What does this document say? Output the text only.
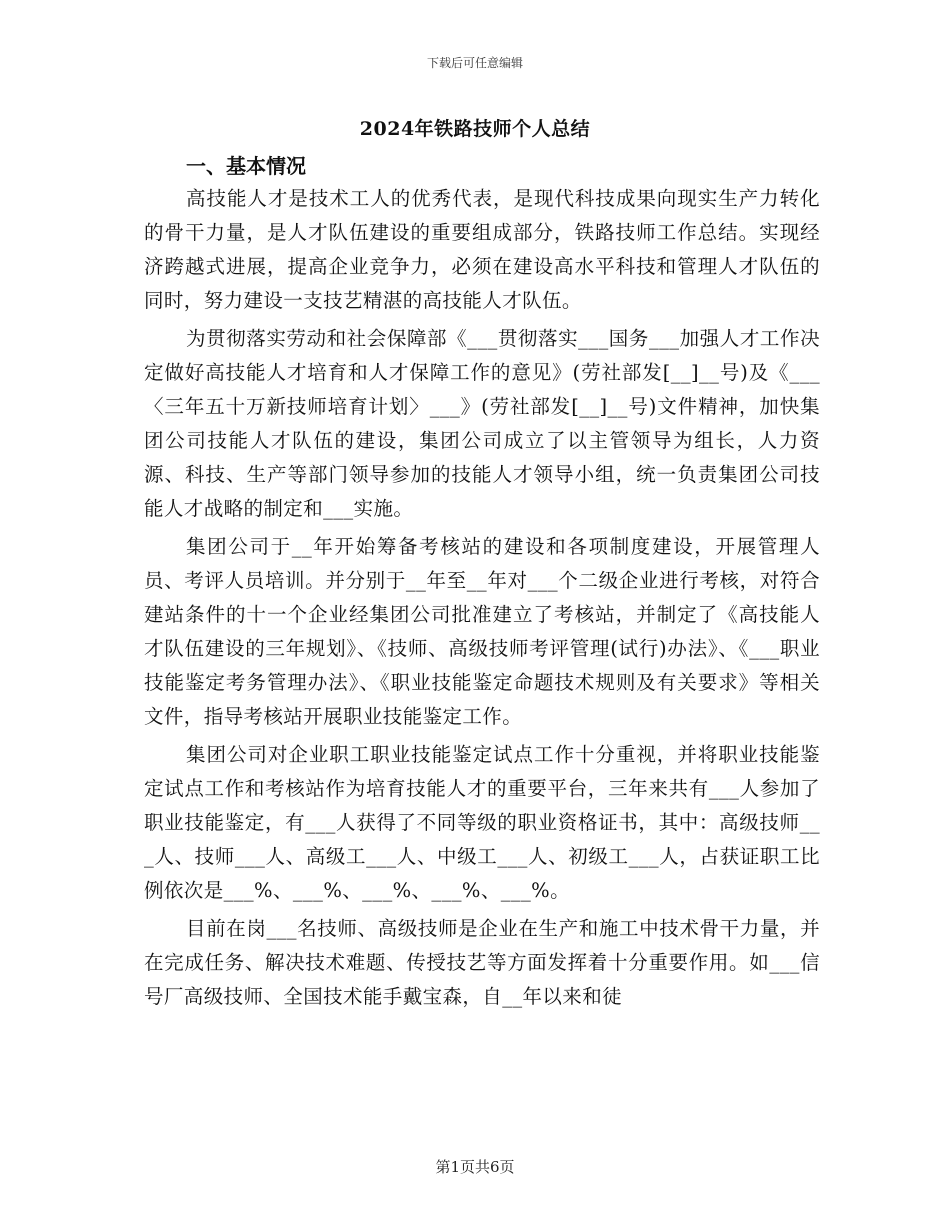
下载后可任意编辑
2024年铁路技师个人总结
一、基本情况

高技能人才是技术工人的优秀代表，是现代科技成果向现实生产力转化的骨干力量，是人才队伍建设的重要组成部分，铁路技师工作总结。实现经济跨越式进展，提高企业竞争力，必须在建设高水平科技和管理人才队伍的同时，努力建设一支技艺精湛的高技能人才队伍。

为贯彻落实劳动和社会保障部《___贯彻落实___国务___加强人才工作决定做好高技能人才培育和人才保障工作的意见》(劳社部发[__]__号)及《___〈三年五十万新技师培育计划〉___》(劳社部发[__]__号)文件精神，加快集团公司技能人才队伍的建设，集团公司成立了以主管领导为组长，人力资源、科技、生产等部门领导参加的技能人才领导小组，统一负责集团公司技能人才战略的制定和___实施。

集团公司于__年开始筹备考核站的建设和各项制度建设，开展管理人员、考评人员培训。并分别于__年至__年对___个二级企业进行考核，对符合建站条件的十一个企业经集团公司批准建立了考核站，并制定了《高技能人才队伍建设的三年规划》、《技师、高级技师考评管理(试行)办法》、《___职业技能鉴定考务管理办法》、《职业技能鉴定命题技术规则及有关要求》等相关文件，指导考核站开展职业技能鉴定工作。

集团公司对企业职工职业技能鉴定试点工作十分重视，并将职业技能鉴定试点工作和考核站作为培育技能人才的重要平台，三年来共有___人参加了职业技能鉴定，有___人获得了不同等级的职业资格证书，其中：高级技师___人、技师___人、高级工___人、中级工___人、初级工___人，占获证职工比例依次是___%、___%、___%、___%、___%。

目前在岗___名技师、高级技师是企业在生产和施工中技术骨干力量，并在完成任务、解决技术难题、传授技艺等方面发挥着十分重要作用。如___信号厂高级技师、全国技术能手戴宝森，自__年以来和徒

第1页共6页
